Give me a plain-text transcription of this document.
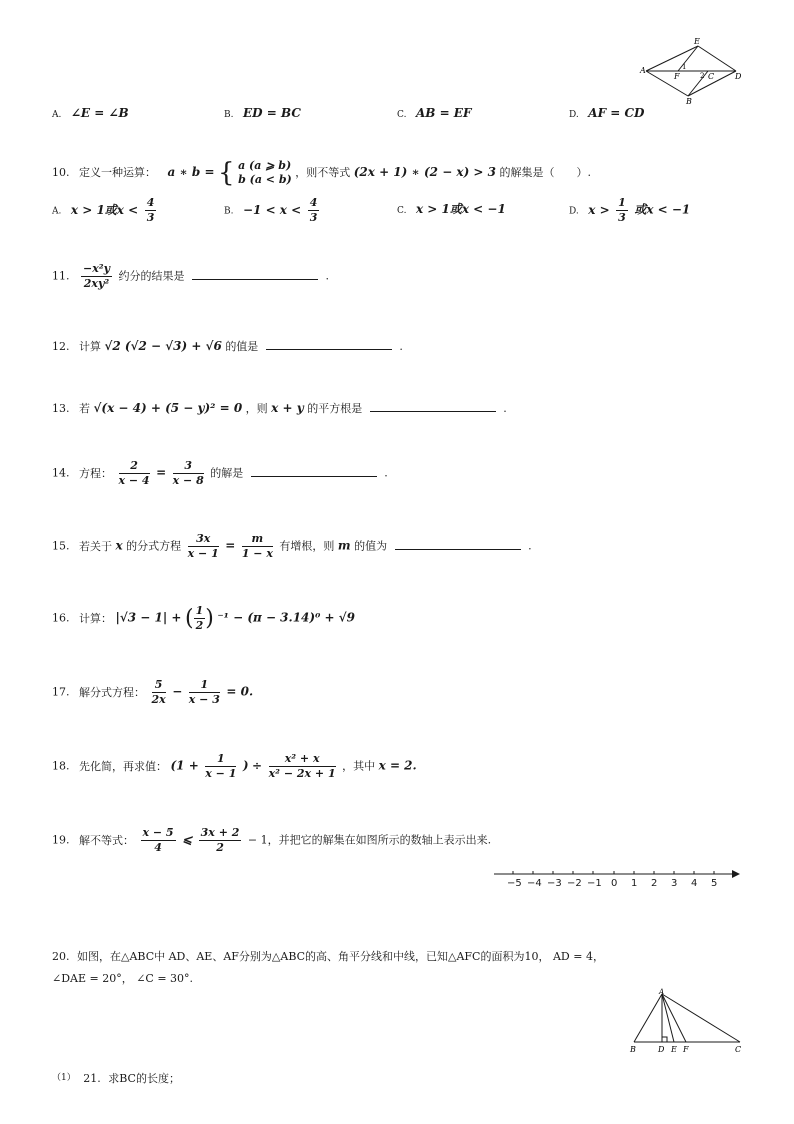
E
A
F
1
2 C	D
B
A. ∠E = ∠B	B. ED = BC	C. AB = EF	D. AF = CD
10. 定义一种运算： a ∗ b = { a (a ⩾ b)
b (a < b)
，则不等式 (2x + 1) ∗ (2 − x) > 3 的解集是（　　）.
A. x > 1或$x < \frac{4}{3}$	B. $-1 < x < \frac{4}{3}$	C. x > 1或x < −1	D. $x > \frac{1}{3}$ 或x < −1
11. $\frac{\text{−x²y}}{\text{2xy²}}$ 约分的结果是	.
12. 计算 √2 (√2 − √3) + √6 的值是	.
13. 若 √(x − 4) + (5 − y)² = 0 ，则 x + y 的平方根是	.
14. 方程： $\frac{2}{x - 4} = \frac{3}{x - 8}$ 的解是	.
15. 若关于 x 的分式方程 $\frac{3x}{x - 1} = \frac{m}{1 - x}$ 有增根，则 m 的值为	.
16. 计算： |√3 − 1| + ( $\frac{1}{2}$ ) ⁻¹ − (π − 3.14)⁰ + √9
17. 解分式方程： $\frac{5}{2x} - \frac{1}{x - 3} = 0$.
18. 先化简，再求值： ($1 + \frac{1}{x - 1}$ ) ÷ $\frac{\text{x² + x}}{\text{x² − 2x + 1}}$ ，其中 x = 2.
19. 解不等式： $\frac{x - 5}{4}$ ⩽ $\frac{3x + 2}{2} - 1$，并把它的解集在如图所示的数轴上表示出来.
−5 −4 −3 −2 −1 0 1 2 3 4 5
20. 如图，在△ABC中 AD、AE、AF分别为△ABC的高、角平分线和中线，已知△AFC的面积为10， AD = 4，
∠DAE = 20°， ∠C = 30°.
A
B	D E F	C
$^{(1)}$ 21. 求BC的长度；
